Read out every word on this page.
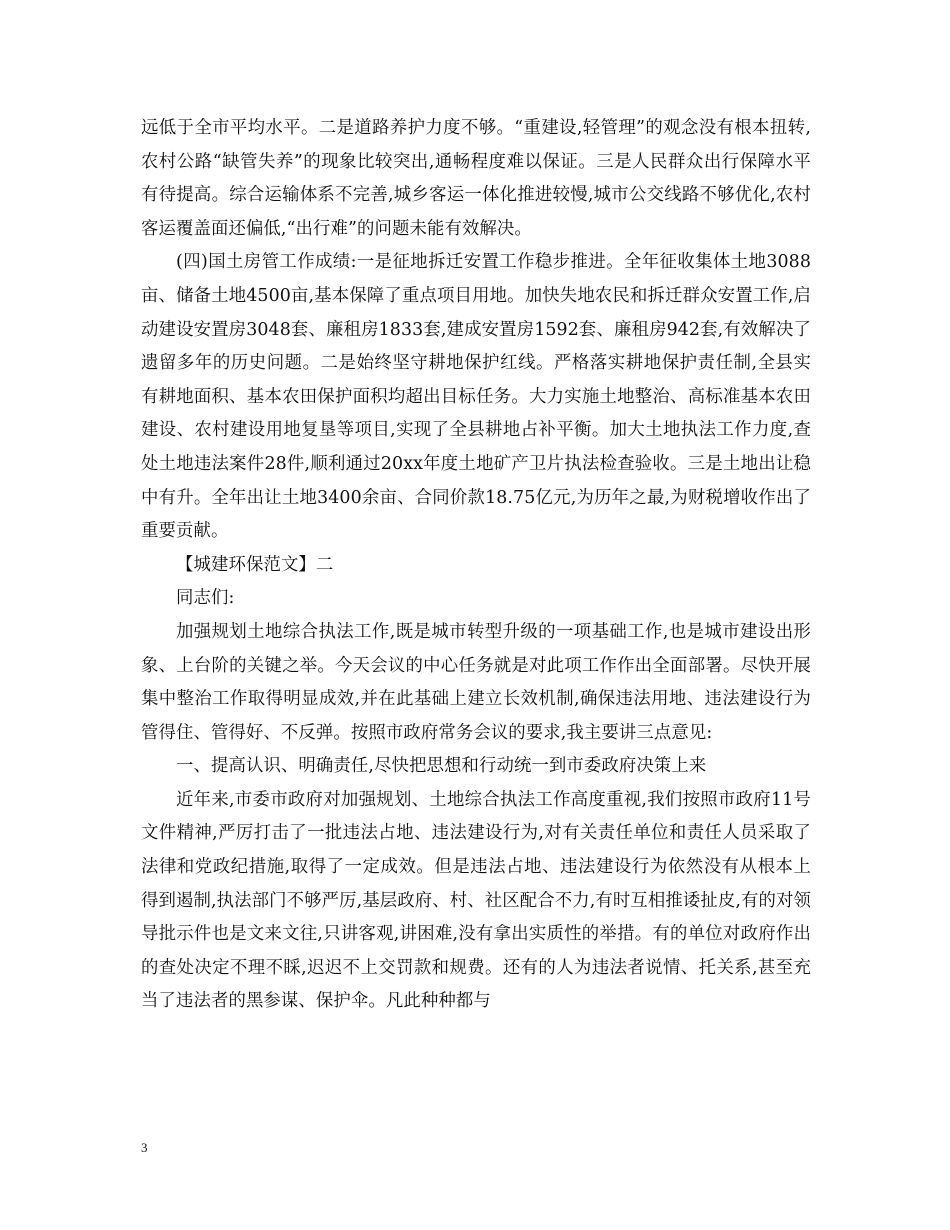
远低于全市平均水平。二是道路养护力度不够。“重建设,轻管理”的观念没有根本扭转,农村公路“缺管失养”的现象比较突出,通畅程度难以保证。三是人民群众出行保障水平有待提高。综合运输体系不完善,城乡客运一体化推进较慢,城市公交线路不够优化,农村客运覆盖面还偏低,“出行难”的问题未能有效解决。

(四)国土房管工作成绩:一是征地拆迁安置工作稳步推进。全年征收集体土地3088亩、储备土地4500亩,基本保障了重点项目用地。加快失地农民和拆迁群众安置工作,启动建设安置房3048套、廉租房1833套,建成安置房1592套、廉租房942套,有效解决了遗留多年的历史问题。二是始终坚守耕地保护红线。严格落实耕地保护责任制,全县实有耕地面积、基本农田保护面积均超出目标任务。大力实施土地整治、高标准基本农田建设、农村建设用地复垦等项目,实现了全县耕地占补平衡。加大土地执法工作力度,查处土地违法案件28件,顺利通过20xx年度土地矿产卫片执法检查验收。三是土地出让稳中有升。全年出让土地3400余亩、合同价款18.75亿元,为历年之最,为财税增收作出了重要贡献。

【城建环保范文】二

同志们:

加强规划土地综合执法工作,既是城市转型升级的一项基础工作,也是城市建设出形象、上台阶的关键之举。今天会议的中心任务就是对此项工作作出全面部署。尽快开展集中整治工作取得明显成效,并在此基础上建立长效机制,确保违法用地、违法建设行为管得住、管得好、不反弹。按照市政府常务会议的要求,我主要讲三点意见:

一、提高认识、明确责任,尽快把思想和行动统一到市委政府决策上来

近年来,市委市政府对加强规划、土地综合执法工作高度重视,我们按照市政府11号文件精神,严厉打击了一批违法占地、违法建设行为,对有关责任单位和责任人员采取了法律和党政纪措施,取得了一定成效。但是违法占地、违法建设行为依然没有从根本上得到遏制,执法部门不够严厉,基层政府、村、社区配合不力,有时互相推诿扯皮,有的对领导批示件也是文来文往,只讲客观,讲困难,没有拿出实质性的举措。有的单位对政府作出的查处决定不理不睬,迟迟不上交罚款和规费。还有的人为违法者说情、托关系,甚至充当了违法者的黑参谋、保护伞。凡此种种都与

3
